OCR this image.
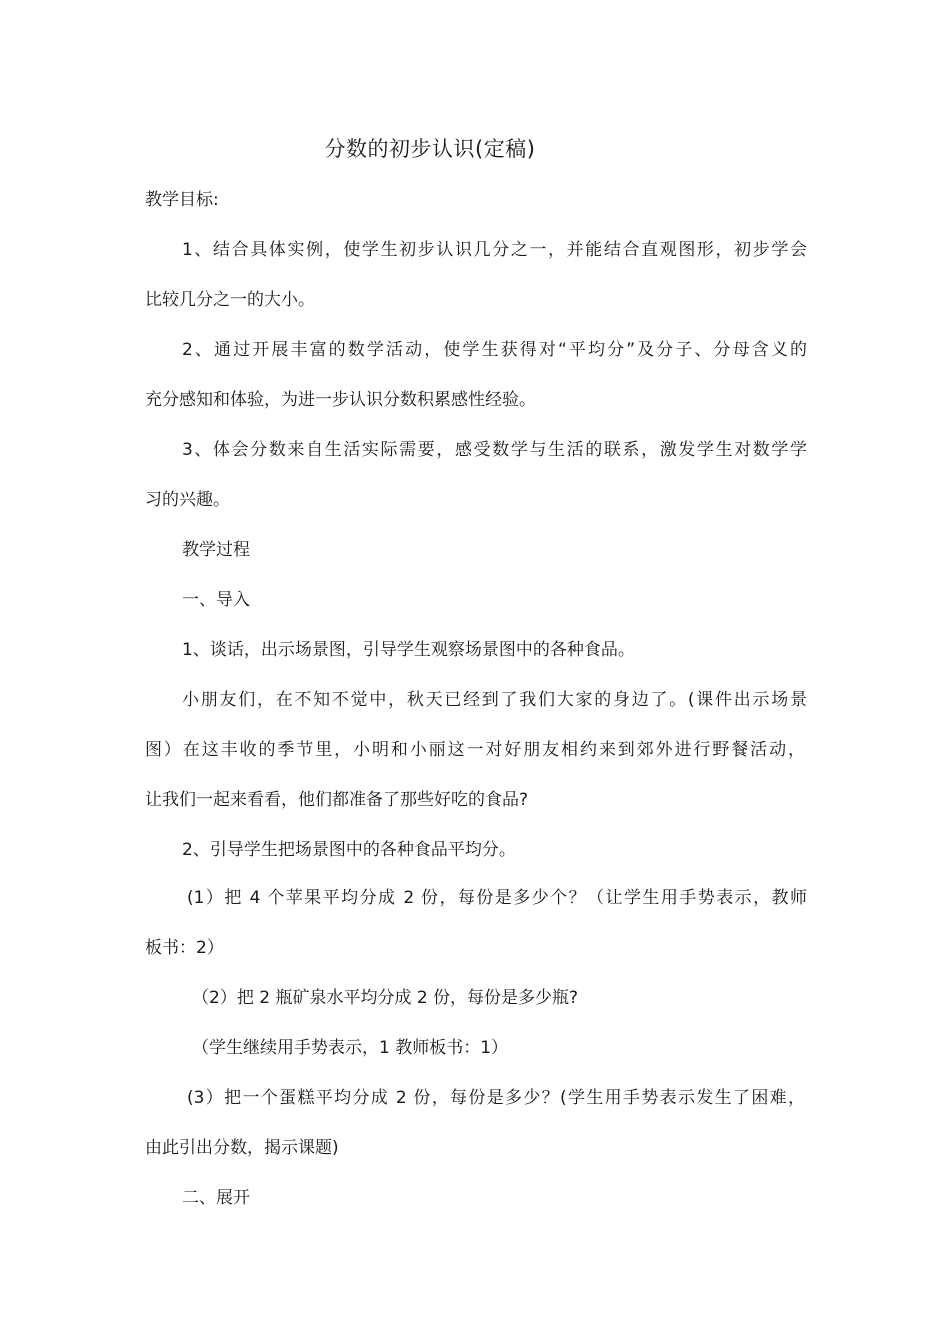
分数的初步认识(定稿)
教学目标:
1、结合具体实例，使学生初步认识几分之一，并能结合直观图形，初步学会
比较几分之一的大小。
2、通过开展丰富的数学活动，使学生获得对“平均分”及分子、分母含义的
充分感知和体验，为进一步认识分数积累感性经验。
3、体会分数来自生活实际需要，感受数学与生活的联系，激发学生对数学学
习的兴趣。
教学过程
一、导入
1、谈话，出示场景图，引导学生观察场景图中的各种食品。
小朋友们，在不知不觉中，秋天已经到了我们大家的身边了。(课件出示场景
图）在这丰收的季节里，小明和小丽这一对好朋友相约来到郊外进行野餐活动，
让我们一起来看看，他们都准备了那些好吃的食品?
2、引导学生把场景图中的各种食品平均分。
(1）把 4 个苹果平均分成 2 份，每份是多少个？（让学生用手势表示，教师
板书：2）
（2）把 2 瓶矿泉水平均分成 2 份，每份是多少瓶?
（学生继续用手势表示，1 教师板书：1）
(3）把一个蛋糕平均分成 2 份，每份是多少？(学生用手势表示发生了困难，
由此引出分数，揭示课题)
二、展开
